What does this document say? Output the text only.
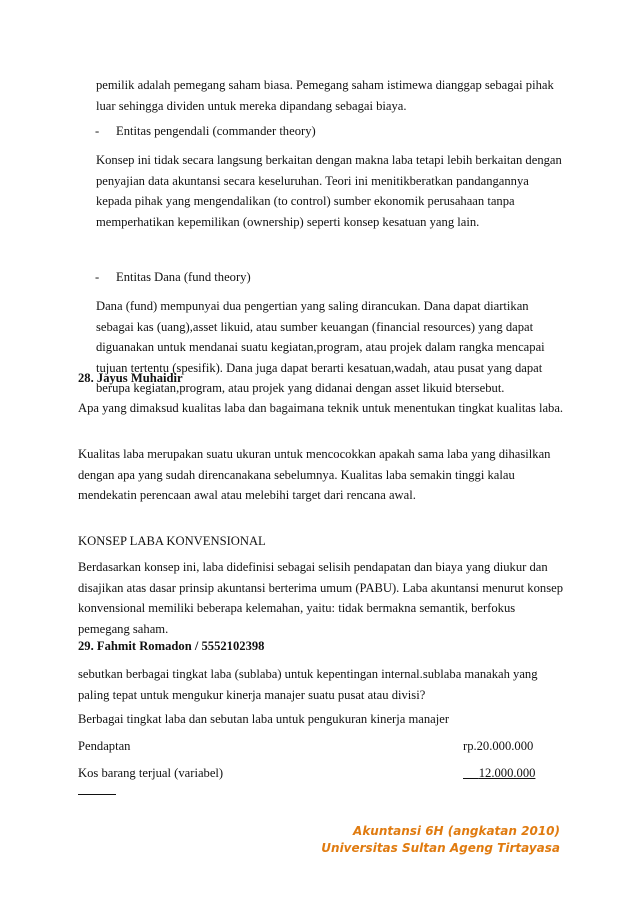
pemilik adalah pemegang saham biasa. Pemegang saham istimewa dianggap sebagai pihak luar sehingga dividen untuk mereka dipandang sebagai biaya.

- Entitas pengendali (commander theory)

Konsep ini tidak secara langsung berkaitan dengan makna laba tetapi lebih berkaitan dengan penyajian data akuntansi secara keseluruhan. Teori ini menitikberatkan pandangannya kepada pihak yang mengendalikan (to control) sumber ekonomik perusahaan tanpa memperhatikan kepemilikan (ownership) seperti konsep kesatuan yang lain.

- Entitas Dana (fund theory)

Dana (fund) mempunyai dua pengertian yang saling dirancukan. Dana dapat diartikan sebagai kas (uang),asset likuid, atau sumber keuangan (financial resources) yang dapat diguanakan untuk mendanai suatu kegiatan,program, atau projek dalam rangka mencapai tujuan tertentu (spesifik). Dana juga dapat berarti kesatuan,wadah, atau pusat yang dapat berupa kegiatan,program, atau projek yang didanai dengan asset likuid btersebut.

28. Jayus Muhaidir

Apa yang dimaksud kualitas laba dan bagaimana teknik untuk menentukan tingkat kualitas laba.

Kualitas laba merupakan suatu ukuran untuk mencocokkan apakah sama laba yang dihasilkan dengan apa yang sudah direncanakana sebelumnya. Kualitas laba semakin tinggi kalau mendekatin perencaan awal atau melebihi target dari rencana awal.

KONSEP LABA KONVENSIONAL

Berdasarkan konsep ini, laba didefinisi sebagai selisih pendapatan dan biaya yang diukur dan disajikan atas dasar prinsip akuntansi berterima umum (PABU). Laba akuntansi menurut konsep konvensional memiliki beberapa kelemahan, yaitu: tidak bermakna semantik, berfokus pemegang saham.

29. Fahmit Romadon / 5552102398

sebutkan berbagai tingkat laba (sublaba) untuk kepentingan internal.sublaba manakah yang paling tepat untuk mengukur kinerja manajer suatu pusat atau divisi?

Berbagai tingkat laba dan sebutan laba untuk pengukuran kinerja manajer

Pendaptan	rp.20.000.000
Kos barang terjual (variabel)	12.000.000
Akuntansi 6H (angkatan 2010)
Universitas Sultan Ageng Tirtayasa
